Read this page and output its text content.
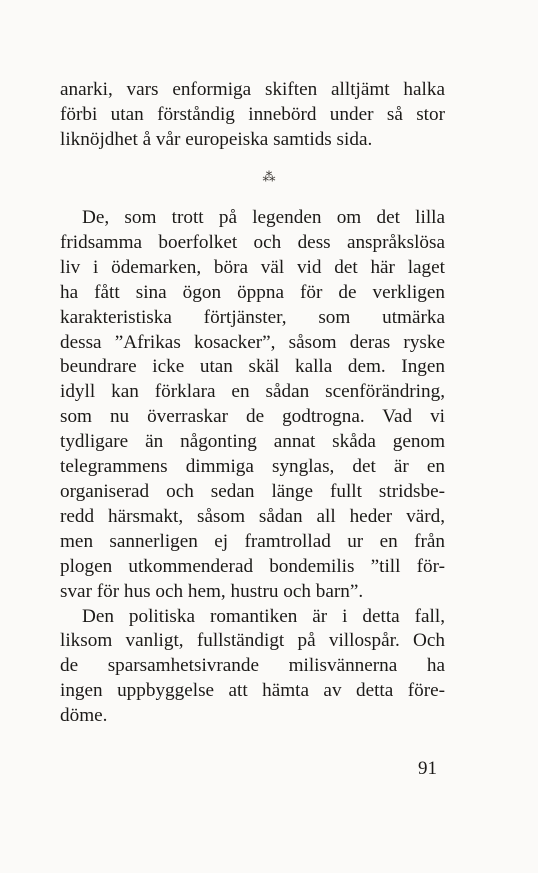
anarki, vars enformiga skiften alltjämt halka
förbi utan förståndig innebörd under så stor
liknöjdhet å vår europeiska samtids sida.
⁂
De, som trott på legenden om det lilla
fridsamma boerfolket och dess anspråkslösa
liv i ödemarken, böra väl vid det här laget
ha fått sina ögon öppna för de verkligen
karakteristiska förtjänster, som utmärka
dessa ”Afrikas kosacker”, såsom deras ryske
beundrare icke utan skäl kalla dem. Ingen
idyll kan förklara en sådan scenförändring,
som nu överraskar de godtrogna. Vad vi
tydligare än någonting annat skåda genom
telegrammens dimmiga synglas, det är en
organiserad och sedan länge fullt stridsbe-
redd härsmakt, såsom sådan all heder värd,
men sannerligen ej framtrollad ur en från
plogen utkommenderad bondemilis ”till för-
svar för hus och hem, hustru och barn”.
Den politiska romantiken är i detta fall,
liksom vanligt, fullständigt på villospår. Och
de sparsamhetsivrande milisvännerna ha
ingen uppbyggelse att hämta av detta före-
döme.
91
